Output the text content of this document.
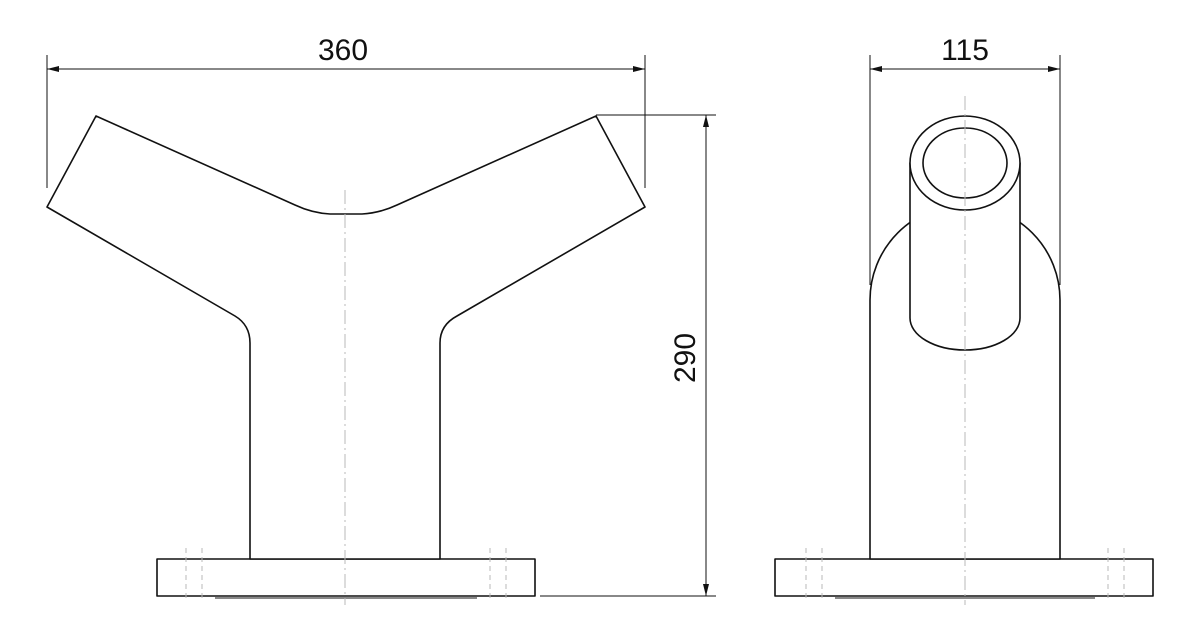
360
290
115
